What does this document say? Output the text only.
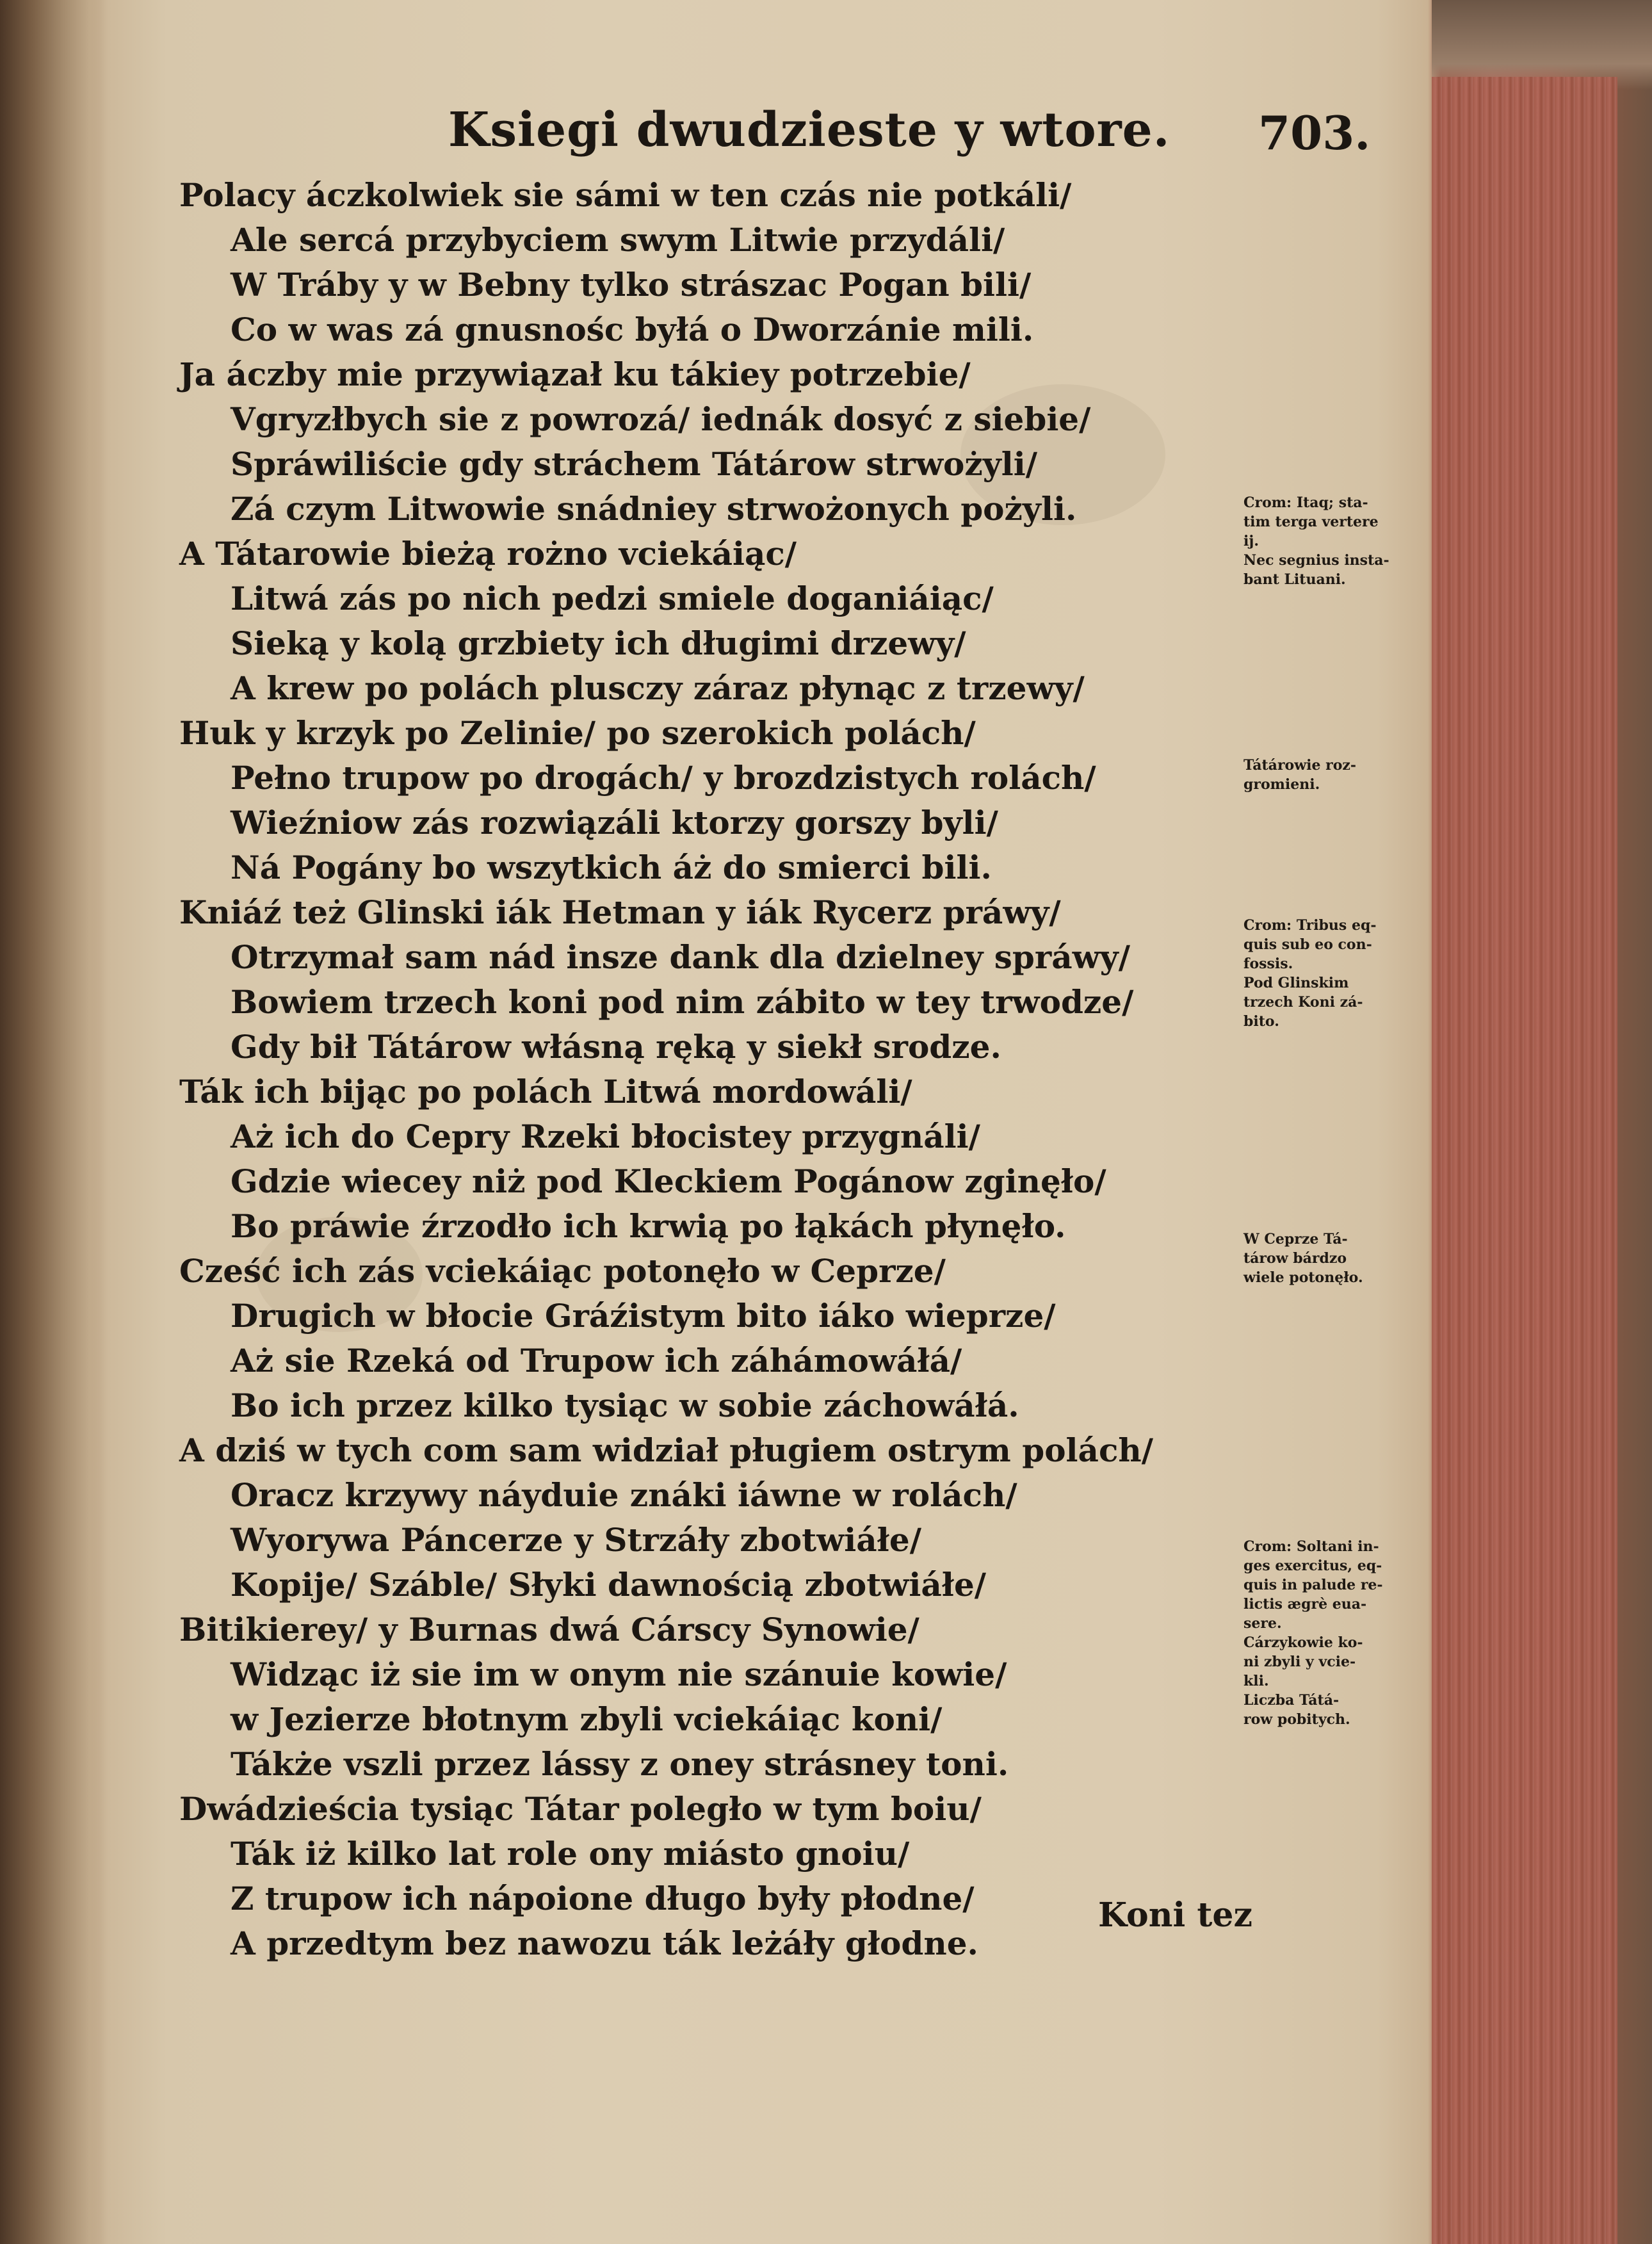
Ksiegi dwudzieste y wtore. 703.
Polacy áczkolwiek sie sámi w ten czás nie potkáli/
Ale sercá przybyciem swym Litwie przydáli/
W Tráby y w Bebny tylko strászac Pogan bili/
Co w was zá gnusnośc byłá o Dworzánie mili.
Ja áczby mie przywiązał ku tákiey potrzebie/
Vgryzłbych sie z powrozá/ iednák dosyć z siebie/
Spráwiliście gdy stráchem Tátárow strwożyli/
Zá czym Litwowie snádniey strwożonych pożyli.
A Tátarowie bieżą rożno vciekáiąc/
Litwá zás po nich pedzi smiele doganiáiąc/
Sieką y kolą grzbiety ich długimi drzewy/
A krew po polách plusczy záraz płynąc z trzewy/
Huk y krzyk po Zelinie/ po szerokich polách/
Pełno trupow po drogách/ y brozdzistych rolách/
Wieźniow zás rozwiązáli ktorzy gorszy byli/
Ná Pogány bo wszytkich áż do smierci bili.
Kniáź też Glinski iák Hetman y iák Rycerz práwy/
Otrzymał sam nád insze dank dla dzielney spráwy/
Bowiem trzech koni pod nim zábito w tey trwodze/
Gdy bił Tátárow włásną ręką y siekł srodze.
Ták ich bijąc po polách Litwá mordowáli/
Aż ich do Cepry Rzeki błocistey przygnáli/
Gdzie wiecey niż pod Kleckiem Pogánow zginęło/
Bo práwie źrzodło ich krwią po łąkách płynęło.
Cześć ich zás vciekáiąc potonęło w Ceprze/
Drugich w błocie Gráźistym bito iáko wieprze/
Aż sie Rzeká od Trupow ich záhámowáłá/
Bo ich przez kilko tysiąc w sobie záchowáłá.
A dziś w tych com sam widział pługiem ostrym polách/
Oracz krzywy náyduie znáki iáwne w rolách/
Wyorywa Páncerze y Strzáły zbotwiáłe/
Kopije/ Száble/ Słyki dawnością zbotwiáłe/
Bitikierey/ y Burnas dwá Cárscy Synowie/
Widząc iż sie im w onym nie szánuie kowie/
w Jezierze błotnym zbyli vciekáiąc koni/
Tákże vszli przez lássy z oney strásney toni.
Dwádzieścia tysiąc Tátar poległo w tym boiu/
Ták iż kilko lat role ony miásto gnoiu/
Z trupow ich nápoione długo były płodne/
A przedtym bez nawozu ták leżáły głodne.
Crom: Itaq; sta-
tim terga vertere
ij.
Nec segnius insta-
bant Lituani.
Tátárowie roz-
gromieni.
Crom: Tribus eq-
quis sub eo con-
fossis.
Pod Glinskim
trzech Koni zá-
bito.
W Ceprze Tá-
tárow bárdzo
wiele potonęło.
Crom: Soltani in-
ges exercitus, eq-
quis in palude re-
lictis ægrè eua-
sere.
Cárzykowie ko-
ni zbyli y vcie-
kli.
Liczba Tátá-
row pobitych.
Koni tez
